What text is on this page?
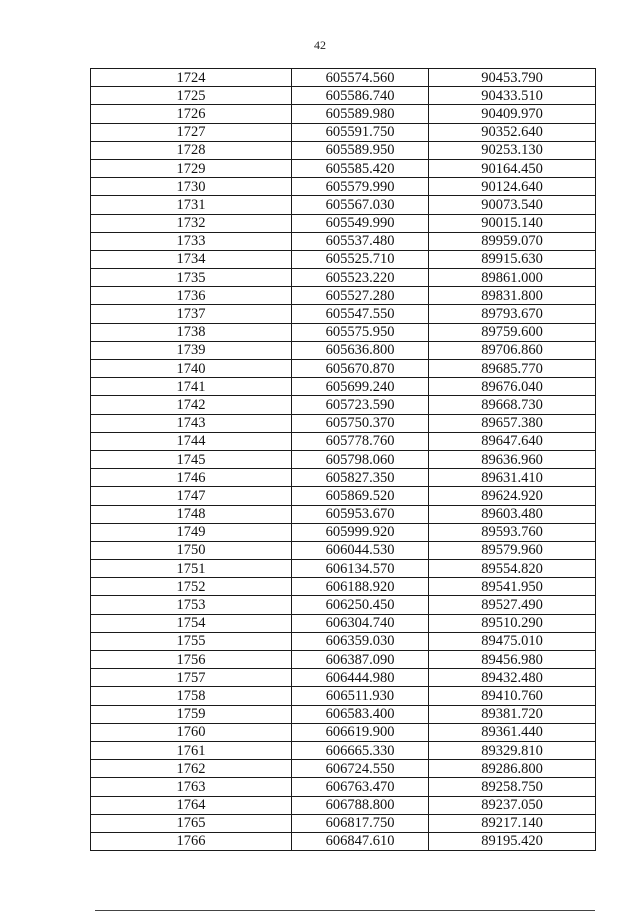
42
1724	605574.560	90453.790
1725	605586.740	90433.510
1726	605589.980	90409.970
1727	605591.750	90352.640
1728	605589.950	90253.130
1729	605585.420	90164.450
1730	605579.990	90124.640
1731	605567.030	90073.540
1732	605549.990	90015.140
1733	605537.480	89959.070
1734	605525.710	89915.630
1735	605523.220	89861.000
1736	605527.280	89831.800
1737	605547.550	89793.670
1738	605575.950	89759.600
1739	605636.800	89706.860
1740	605670.870	89685.770
1741	605699.240	89676.040
1742	605723.590	89668.730
1743	605750.370	89657.380
1744	605778.760	89647.640
1745	605798.060	89636.960
1746	605827.350	89631.410
1747	605869.520	89624.920
1748	605953.670	89603.480
1749	605999.920	89593.760
1750	606044.530	89579.960
1751	606134.570	89554.820
1752	606188.920	89541.950
1753	606250.450	89527.490
1754	606304.740	89510.290
1755	606359.030	89475.010
1756	606387.090	89456.980
1757	606444.980	89432.480
1758	606511.930	89410.760
1759	606583.400	89381.720
1760	606619.900	89361.440
1761	606665.330	89329.810
1762	606724.550	89286.800
1763	606763.470	89258.750
1764	606788.800	89237.050
1765	606817.750	89217.140
1766	606847.610	89195.420
